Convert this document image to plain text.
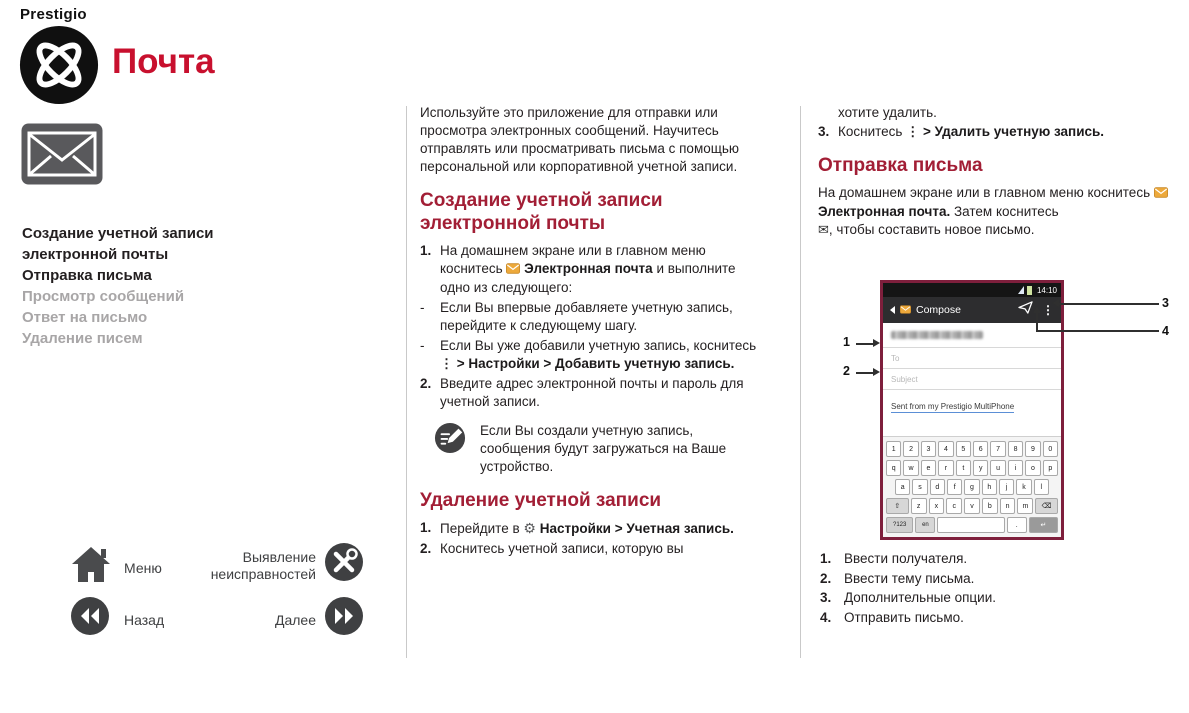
Prestigio
Почта
Создание учетной записи электронной почты
Отправка письма
Просмотр сообщений
Ответ на письмо
Удаление писем

Используйте это приложение для отправки или просмотра электронных сообщений. Научитесь отправлять или просматривать письма с помощью персональной или корпоративной учетной записи.

Создание учетной записи электронной почты
1. На домашнем экране или в главном меню коснитесь Электронная почта и выполните одно из следующего:
- Если Вы впервые добавляете учетную запись, перейдите к следующему шагу.
- Если Вы уже добавили учетную запись, коснитесь ⋮ > Настройки > Добавить учетную запись.
2. Введите адрес электронной почты и пароль для учетной записи.
Если Вы создали учетную запись, сообщения будут загружаться на Ваше устройство.
Удаление учетной записи
1. Перейдите в ⚙ Настройки > Учетная запись.
2. Коснитесь учетной записи, которую вы
хотите удалить.
3. Коснитесь ⋮ > Удалить учетную запись.
Отправка письма

На домашнем экране или в главном меню коснитесь  Электронная почта. Затем коснитесь ✉, чтобы составить новое письмо.

14:10
Compose	⋮
To
Subject
Sent from my Prestigio MultiPhone
1	2	3	4	5	6	7	8	9	0
q	w	e	r	t	y	u	i	o	p
a	s	d	f	g	h	j	k	l
⇧	z	x	c	v	b	n	m	⌫
?123	en	.	↵
1
2
3
4
1. Ввести получателя.
2. Ввести тему письма.
3. Дополнительные опции.
4. Отправить письмо.
Меню
Выявление неисправностей
Назад	Далее
